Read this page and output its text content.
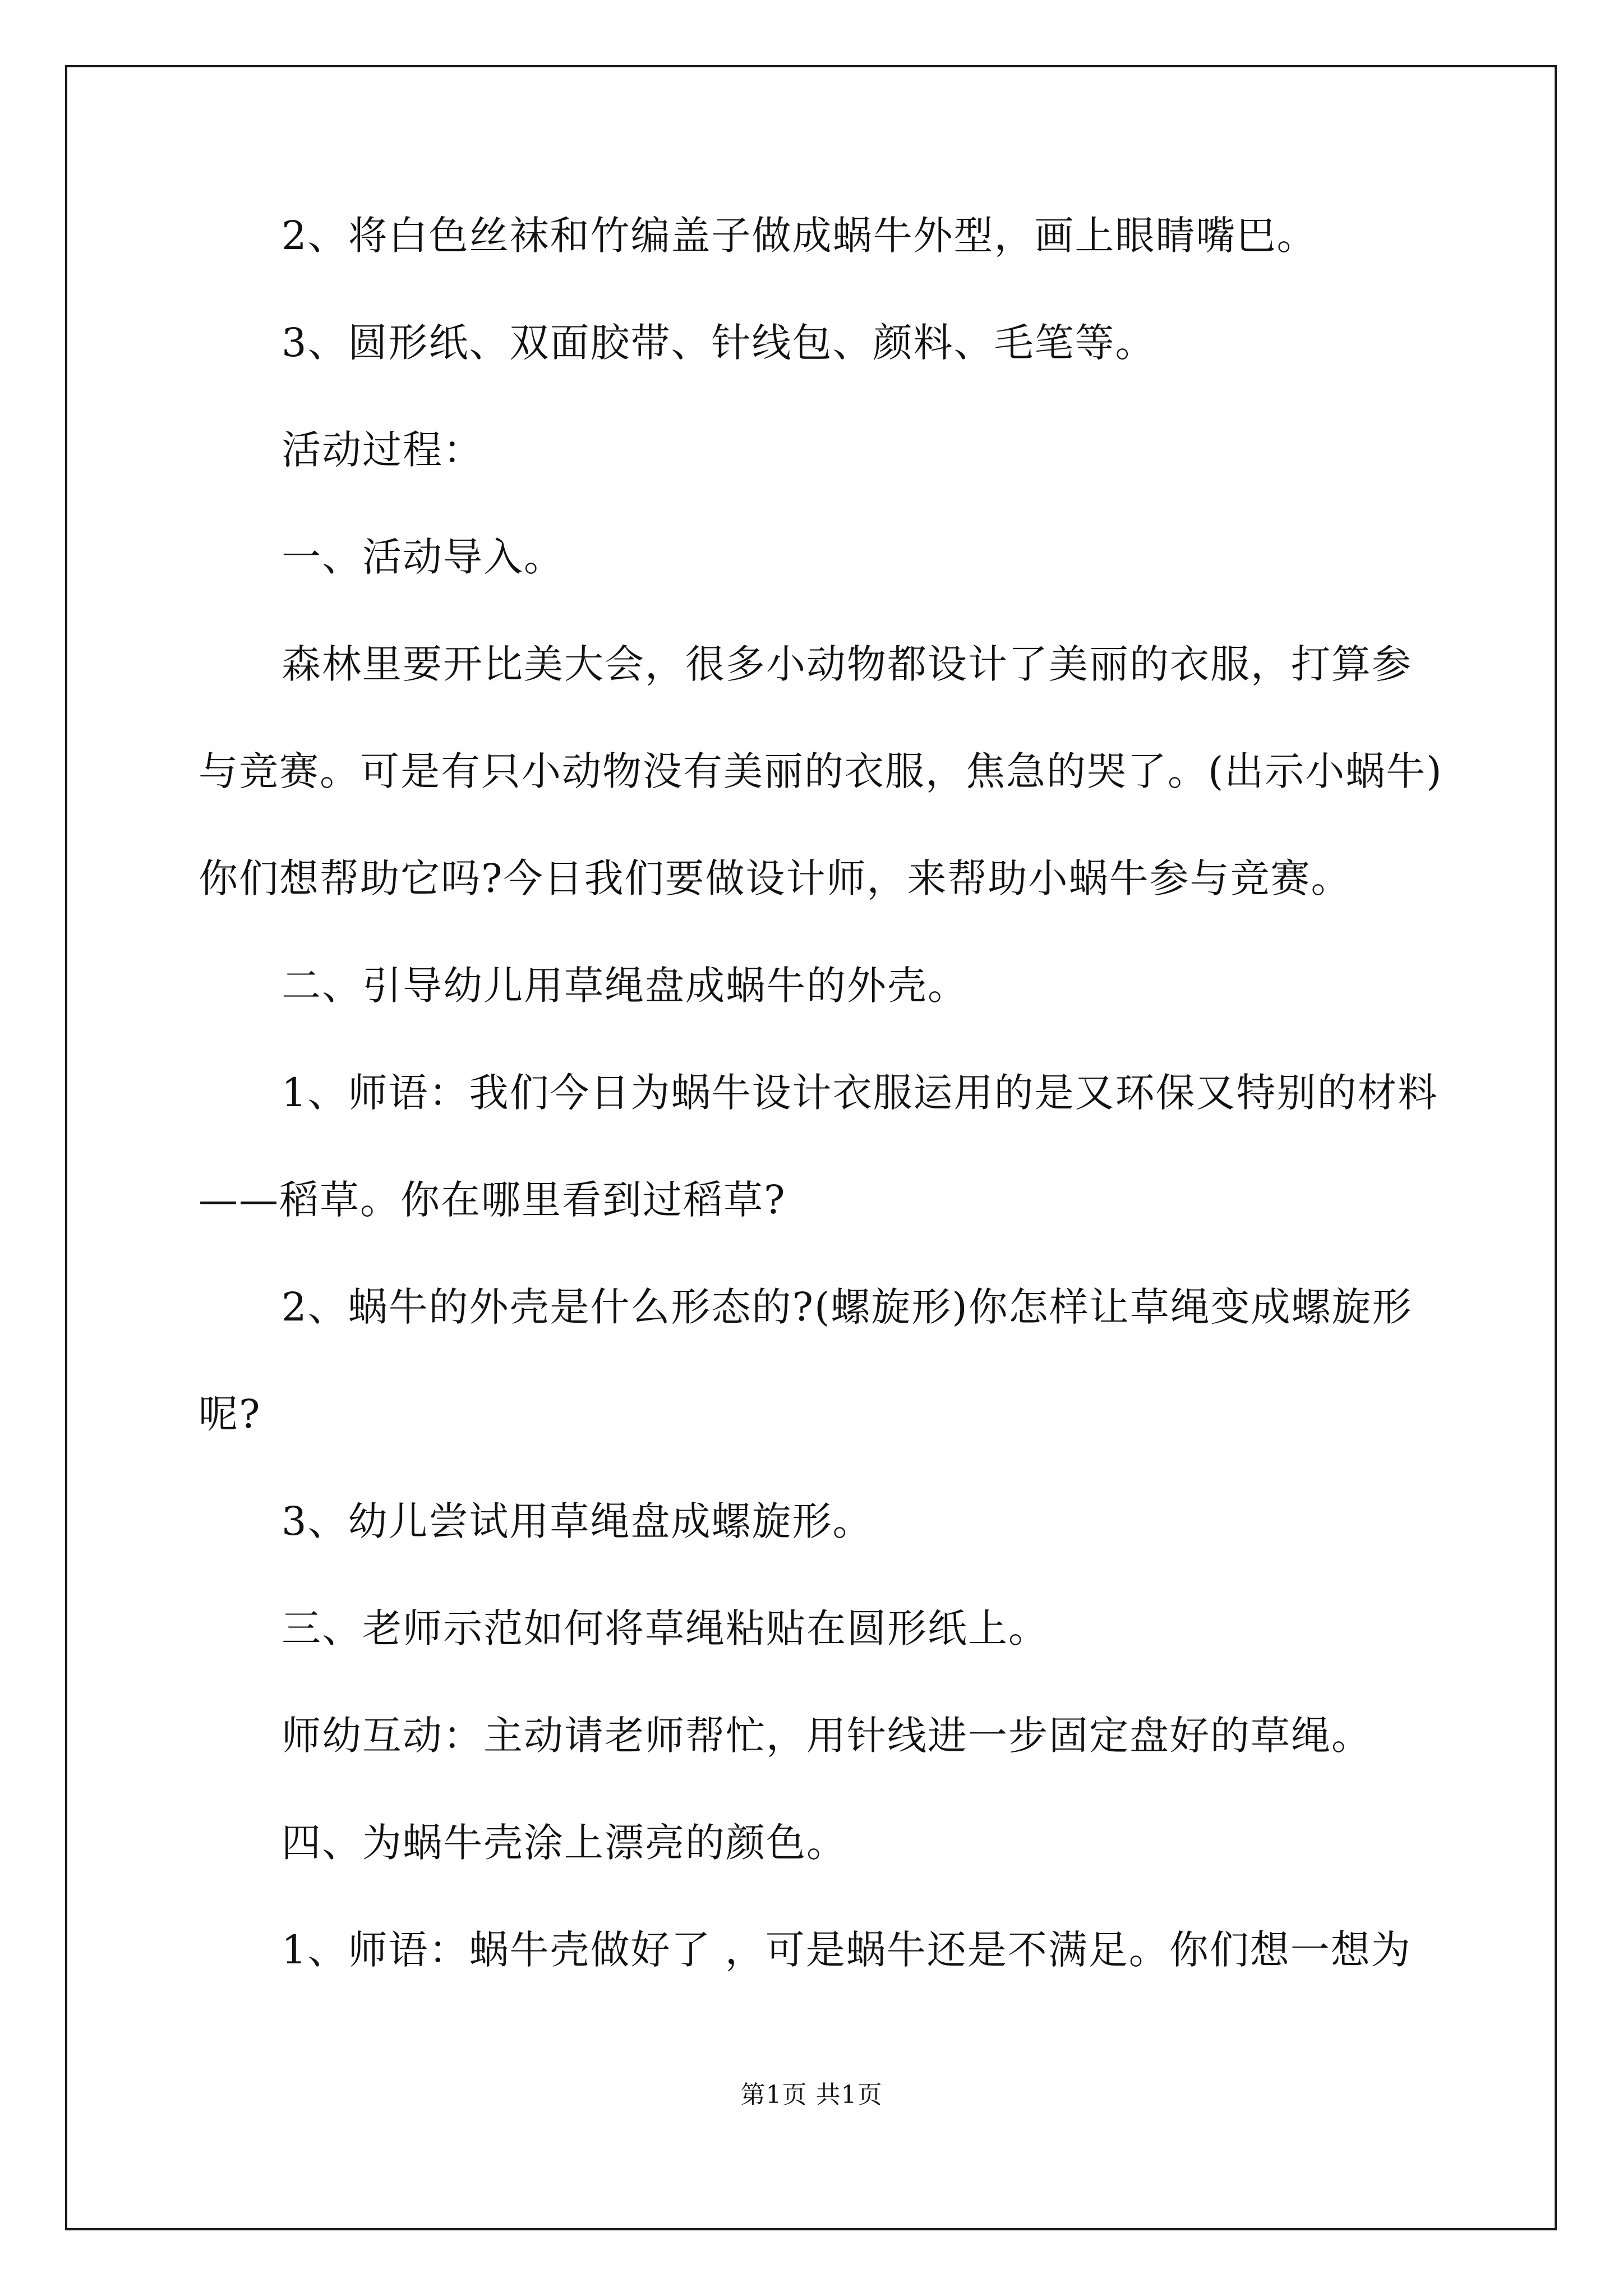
2、将白色丝袜和竹编盖子做成蜗牛外型，画上眼睛嘴巴。
3、圆形纸、双面胶带、针线包、颜料、毛笔等。
活动过程：
一、活动导入。
森林里要开比美大会，很多小动物都设计了美丽的衣服，打算参
与竞赛。可是有只小动物没有美丽的衣服，焦急的哭了。(出示小蜗牛)
你们想帮助它吗?今日我们要做设计师，来帮助小蜗牛参与竞赛。
二、引导幼儿用草绳盘成蜗牛的外壳。
1、师语：我们今日为蜗牛设计衣服运用的是又环保又特别的材料
——稻草。你在哪里看到过稻草?
2、蜗牛的外壳是什么形态的?(螺旋形)你怎样让草绳变成螺旋形
呢?
3、幼儿尝试用草绳盘成螺旋形。
三、老师示范如何将草绳粘贴在圆形纸上。
师幼互动：主动请老师帮忙，用针线进一步固定盘好的草绳。
四、为蜗牛壳涂上漂亮的颜色。
1、师语：蜗牛壳做好了 ，可是蜗牛还是不满足。你们想一想为
第1页 共1页
